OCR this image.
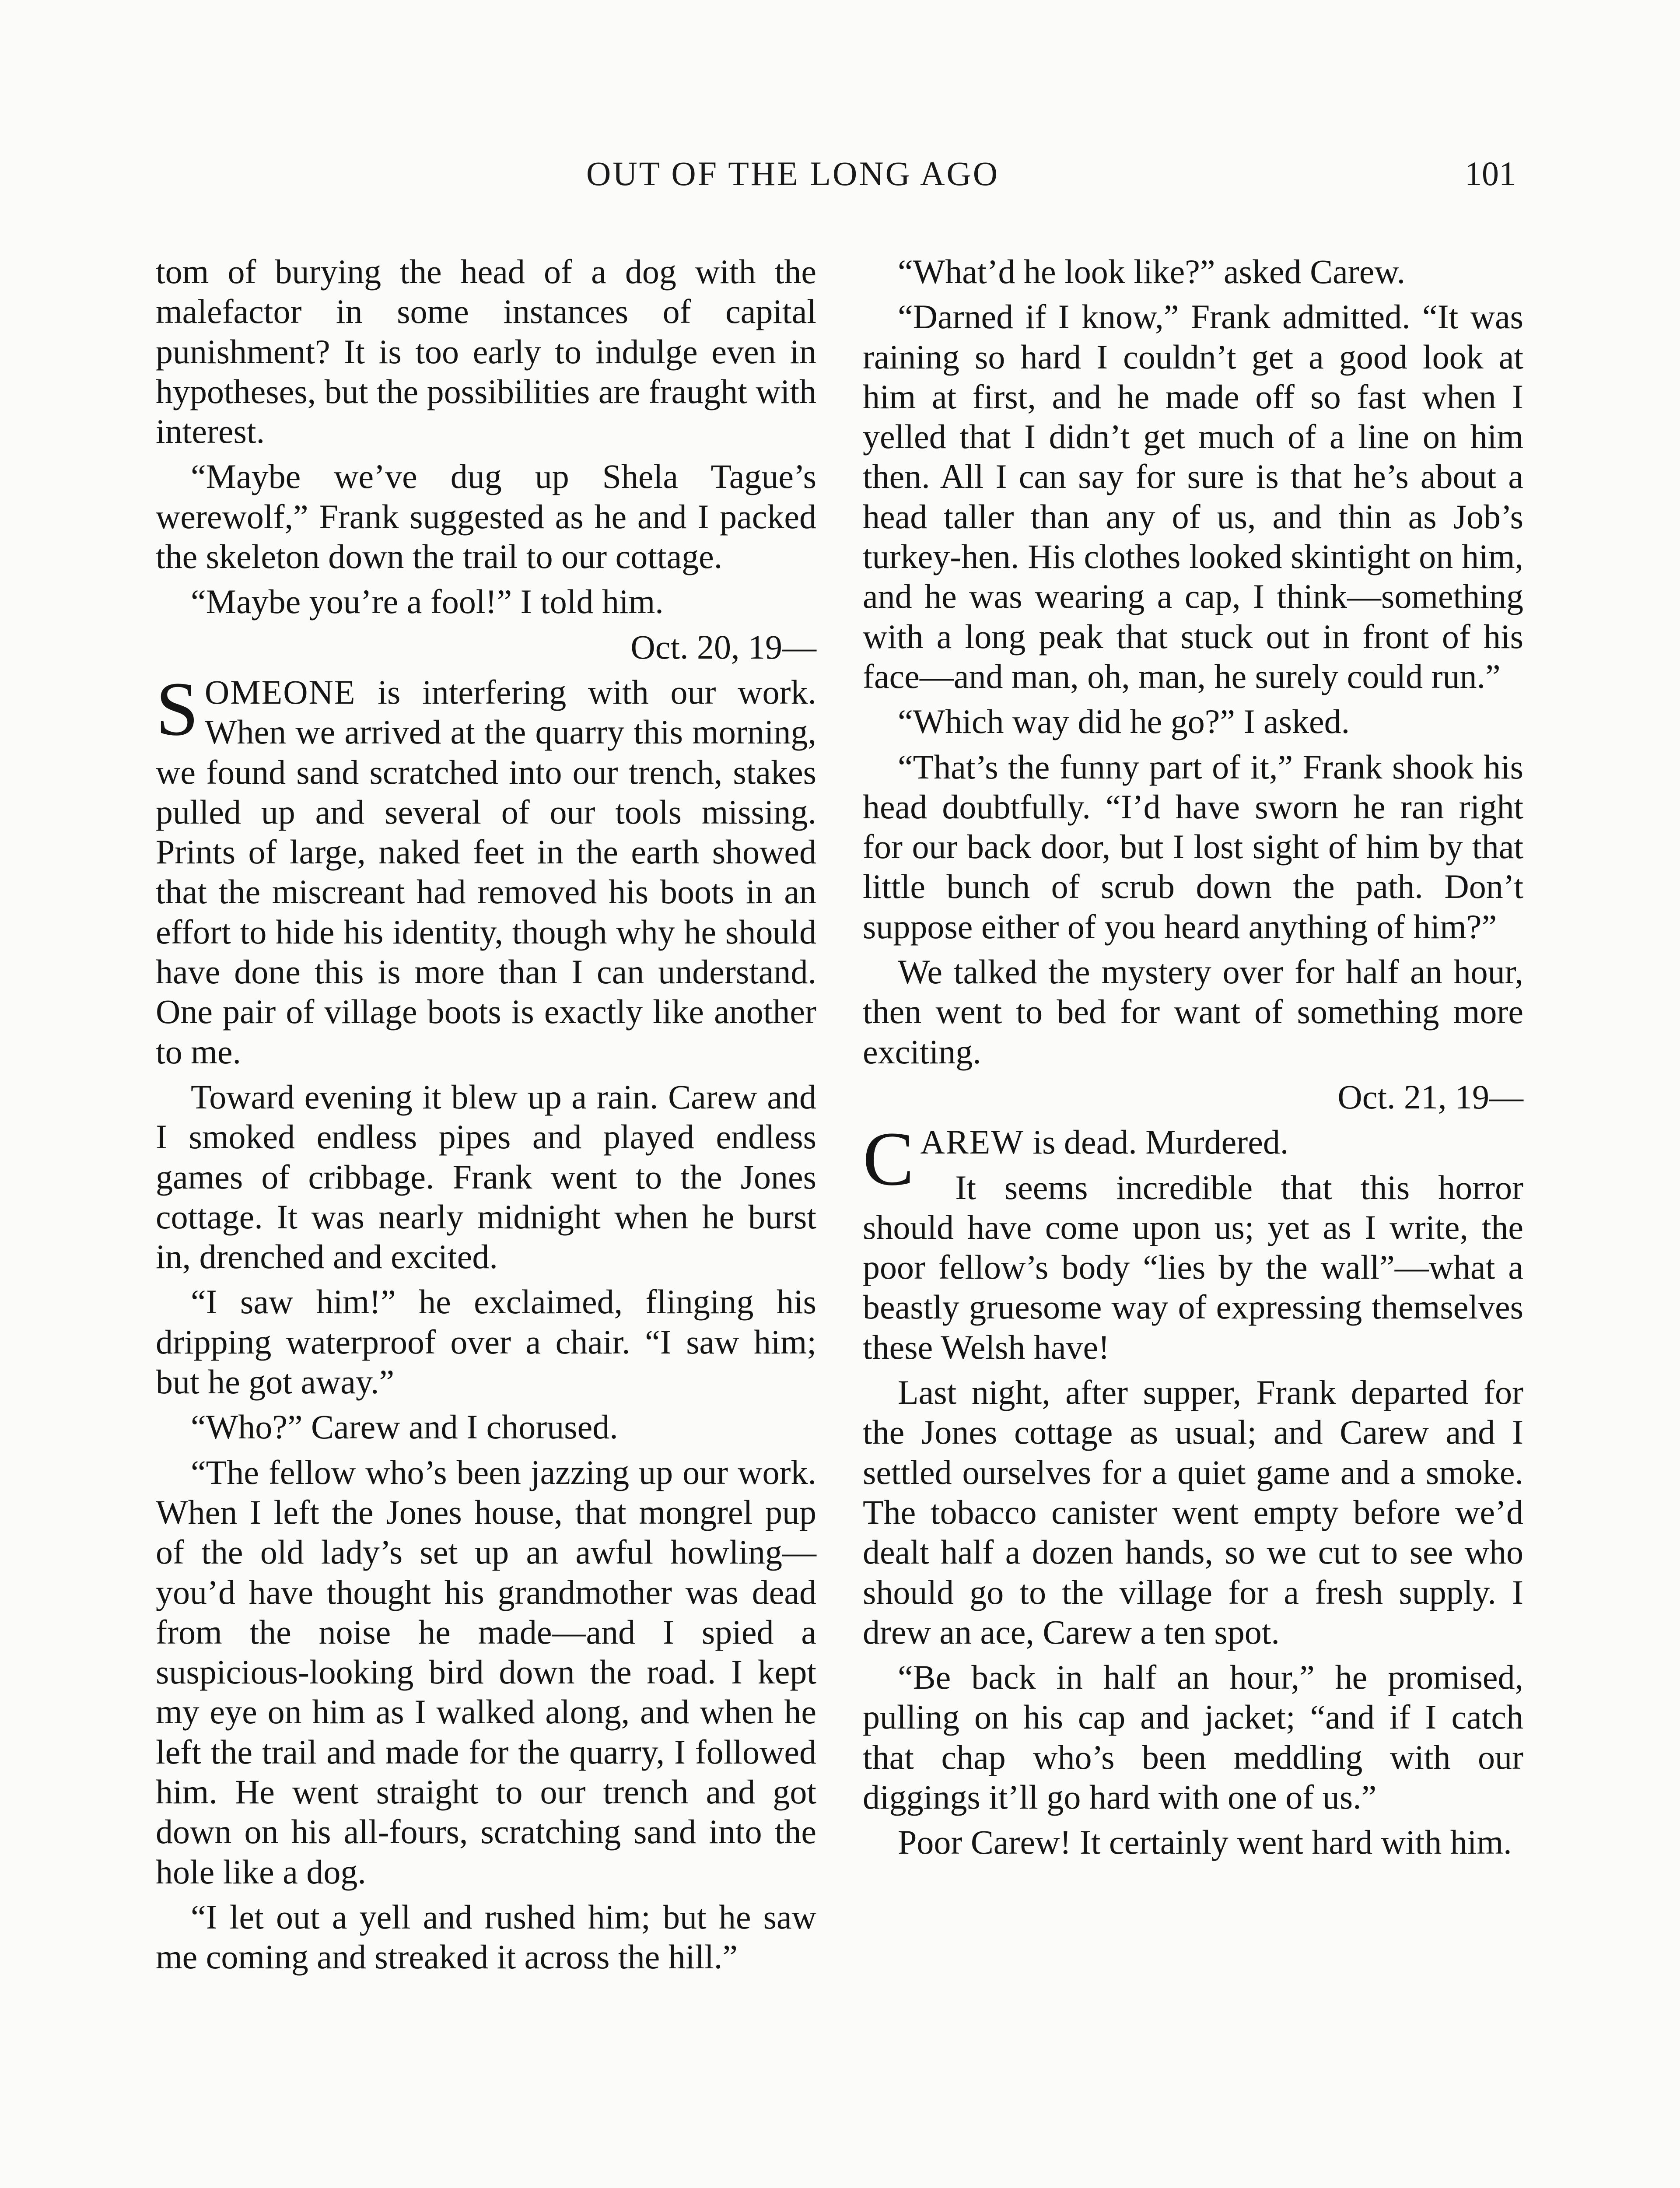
OUT OF THE LONG AGO	101

tom of burying the head of a dog with the malefactor in some instances of capital punishment? It is too early to indulge even in hypotheses, but the possibilities are fraught with interest.

“Maybe we’ve dug up Shela Tague’s werewolf,” Frank suggested as he and I packed the skeleton down the trail to our cottage.

“Maybe you’re a fool!” I told him.

Oct. 20, 19—

SOMEONE is interfering with our work. When we arrived at the quarry this morning, we found sand scratched into our trench, stakes pulled up and several of our tools missing. Prints of large, naked feet in the earth showed that the miscreant had removed his boots in an effort to hide his identity, though why he should have done this is more than I can understand. One pair of village boots is exactly like another to me.

Toward evening it blew up a rain. Carew and I smoked endless pipes and played endless games of cribbage. Frank went to the Jones cottage. It was nearly midnight when he burst in, drenched and excited.

“I saw him!” he exclaimed, flinging his dripping waterproof over a chair. “I saw him; but he got away.”

“Who?” Carew and I chorused.

“The fellow who’s been jazzing up our work. When I left the Jones house, that mongrel pup of the old lady’s set up an awful howling—you’d have thought his grandmother was dead from the noise he made—and I spied a suspicious-looking bird down the road. I kept my eye on him as I walked along, and when he left the trail and made for the quarry, I followed him. He went straight to our trench and got down on his all-fours, scratching sand into the hole like a dog.

“I let out a yell and rushed him; but he saw me coming and streaked it across the hill.”

“What’d he look like?” asked Carew.

“Darned if I know,” Frank admitted. “It was raining so hard I couldn’t get a good look at him at first, and he made off so fast when I yelled that I didn’t get much of a line on him then. All I can say for sure is that he’s about a head taller than any of us, and thin as Job’s turkey-hen. His clothes looked skintight on him, and he was wearing a cap, I think—something with a long peak that stuck out in front of his face—and man, oh, man, he surely could run.”

“Which way did he go?” I asked.

“That’s the funny part of it,” Frank shook his head doubtfully. “I’d have sworn he ran right for our back door, but I lost sight of him by that little bunch of scrub down the path. Don’t suppose either of you heard anything of him?”

We talked the mystery over for half an hour, then went to bed for want of something more exciting.

Oct. 21, 19—

CAREW is dead. Murdered.

It seems incredible that this horror should have come upon us; yet as I write, the poor fellow’s body “lies by the wall”—what a beastly gruesome way of expressing themselves these Welsh have!

Last night, after supper, Frank departed for the Jones cottage as usual; and Carew and I settled ourselves for a quiet game and a smoke. The tobacco canister went empty before we’d dealt half a dozen hands, so we cut to see who should go to the village for a fresh supply. I drew an ace, Carew a ten spot.

“Be back in half an hour,” he promised, pulling on his cap and jacket; “and if I catch that chap who’s been meddling with our diggings it’ll go hard with one of us.”

Poor Carew! It certainly went hard with him.
